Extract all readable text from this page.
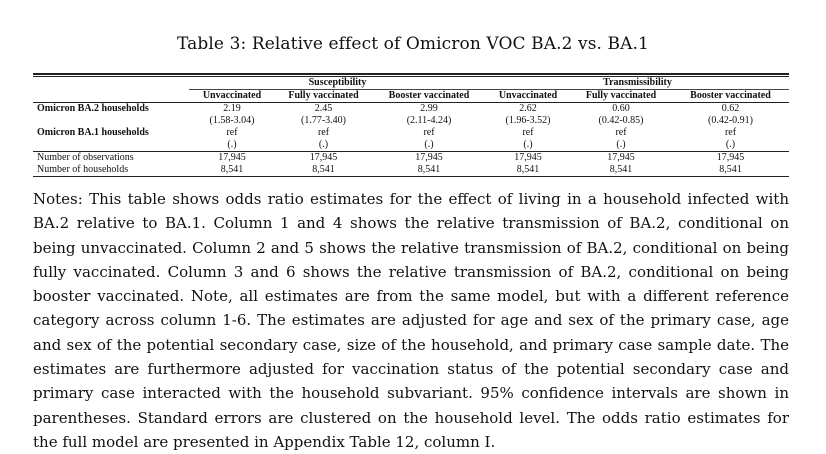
Table 3: Relative effect of Omicron VOC BA.2 vs. BA.1
	Susceptibility			Transmissibility		
	Unvaccinated	Fully vaccinated	Booster vaccinated	Unvaccinated	Fully vaccinated	Booster vaccinated
Omicron BA.2 households	2.19	2.45	2.99	2.62	0.60	0.62
	(1.58-3.04)	(1.77-3.40)	(2.11-4.24)	(1.96-3.52)	(0.42-0.85)	(0.42-0.91)
Omicron BA.1 households	ref	ref	ref	ref	ref	ref
	(.)	(.)	(.)	(.)	(.)	(.)
Number of observations	17,945	17,945	17,945	17,945	17,945	17,945
Number of households	8,541	8,541	8,541	8,541	8,541	8,541
Notes: This table shows odds ratio estimates for the effect of living in a household infected with BA.2 relative to BA.1. Column 1 and 4 shows the relative transmission of BA.2, conditional on being unvaccinated. Column 2 and 5 shows the relative transmission of BA.2, conditional on being fully vaccinated. Column 3 and 6 shows the relative transmission of BA.2, conditional on being booster vaccinated. Note, all estimates are from the same model, but with a different reference category across column 1-6. The estimates are adjusted for age and sex of the primary case, age and sex of the potential secondary case, size of the household, and primary case sample date. The estimates are furthermore adjusted for vaccination status of the potential secondary case and primary case interacted with the household subvariant. 95% confidence intervals are shown in parentheses. Standard errors are clustered on the household level. The odds ratio estimates for the full model are presented in Appendix Table 12, column I.
